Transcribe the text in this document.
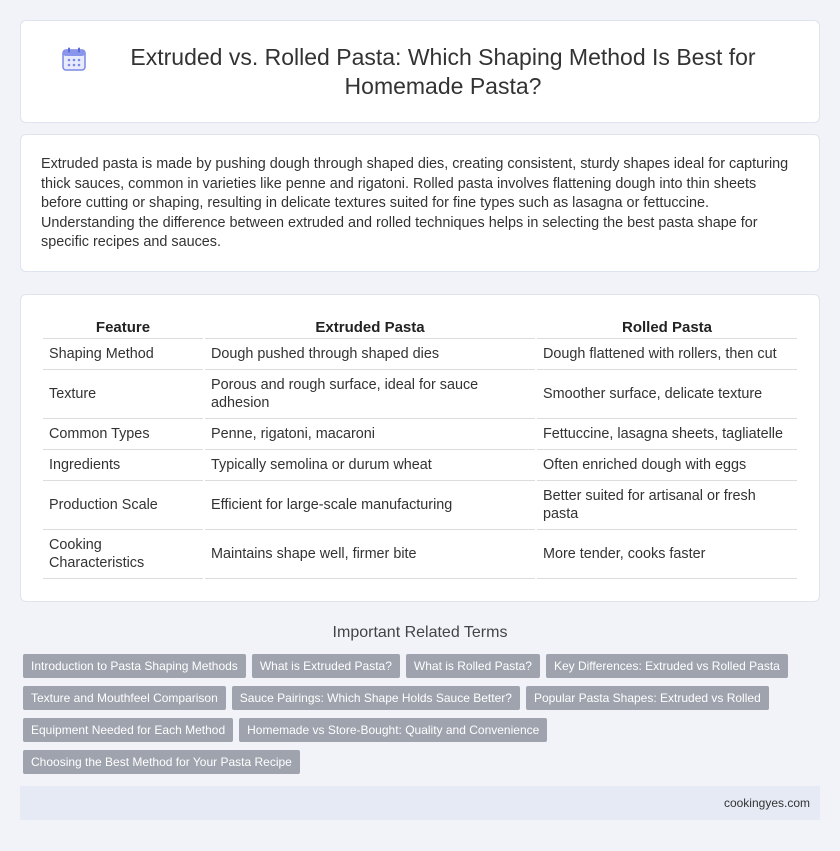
Extruded vs. Rolled Pasta: Which Shaping Method Is Best for Homemade Pasta?

Extruded pasta is made by pushing dough through shaped dies, creating consistent, sturdy shapes ideal for capturing thick sauces, common in varieties like penne and rigatoni. Rolled pasta involves flattening dough into thin sheets before cutting or shaping, resulting in delicate textures suited for fine types such as lasagna or fettuccine. Understanding the difference between extruded and rolled techniques helps in selecting the best pasta shape for specific recipes and sauces.

Feature	Extruded Pasta	Rolled Pasta
Shaping Method	Dough pushed through shaped dies	Dough flattened with rollers, then cut
Texture	Porous and rough surface, ideal for sauce adhesion	Smoother surface, delicate texture
Common Types	Penne, rigatoni, macaroni	Fettuccine, lasagna sheets, tagliatelle
Ingredients	Typically semolina or durum wheat	Often enriched dough with eggs
Production Scale	Efficient for large-scale manufacturing	Better suited for artisanal or fresh pasta
Cooking Characteristics	Maintains shape well, firmer bite	More tender, cooks faster
Important Related Terms
Introduction to Pasta Shaping Methods	What is Extruded Pasta?	What is Rolled Pasta?	Key Differences: Extruded vs Rolled Pasta
Texture and Mouthfeel Comparison	Sauce Pairings: Which Shape Holds Sauce Better?	Popular Pasta Shapes: Extruded vs Rolled
Equipment Needed for Each Method	Homemade vs Store-Bought: Quality and Convenience
Choosing the Best Method for Your Pasta Recipe
cookingyes.com
